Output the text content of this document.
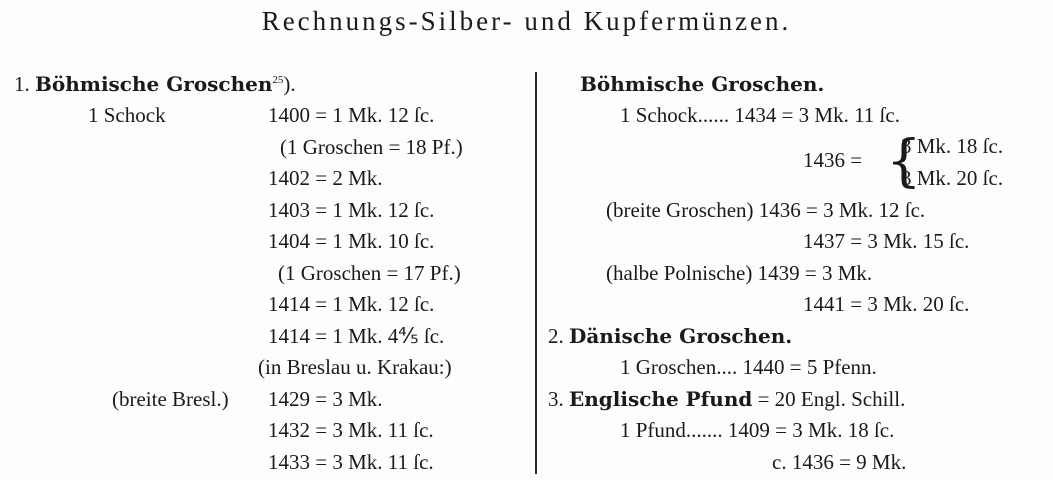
Rechnungs-Silber- und Kupfermünzen.
1. Böhmische Groschen$^{25}$).
1 Schock	1400 = 1 Mk. 12 ſc.
(1 Groschen = 18 Pf.)
1402 = 2 Mk.
1403 = 1 Mk. 12 ſc.
1404 = 1 Mk. 10 ſc.
(1 Groschen = 17 Pf.)
1414 = 1 Mk. 12 ſc.
1414 = 1 Mk. 4⅘ ſc.
(in Breslau u. Krakau:)
(breite Bresl.) 1429 = 3 Mk.
1432 = 3 Mk. 11 ſc.
1433 = 3 Mk. 11 ſc.
Böhmische Groschen.
1 Schock...... 1434 = 3 Mk. 11 ſc.
1436 = {
3 Mk. 18 ſc.
3 Mk. 20 ſc.
(breite Groschen) 1436 = 3 Mk. 12 ſc.
1437 = 3 Mk. 15 ſc.
(halbe Polnische) 1439 = 3 Mk.
1441 = 3 Mk. 20 ſc.
2. Dänische Groschen.
1 Groschen.... 1440 = 5 Pfenn.
3. Englische Pfund = 20 Engl. Schill.
1 Pfund....... 1409 = 3 Mk. 18 ſc.
c. 1436 = 9 Mk.
